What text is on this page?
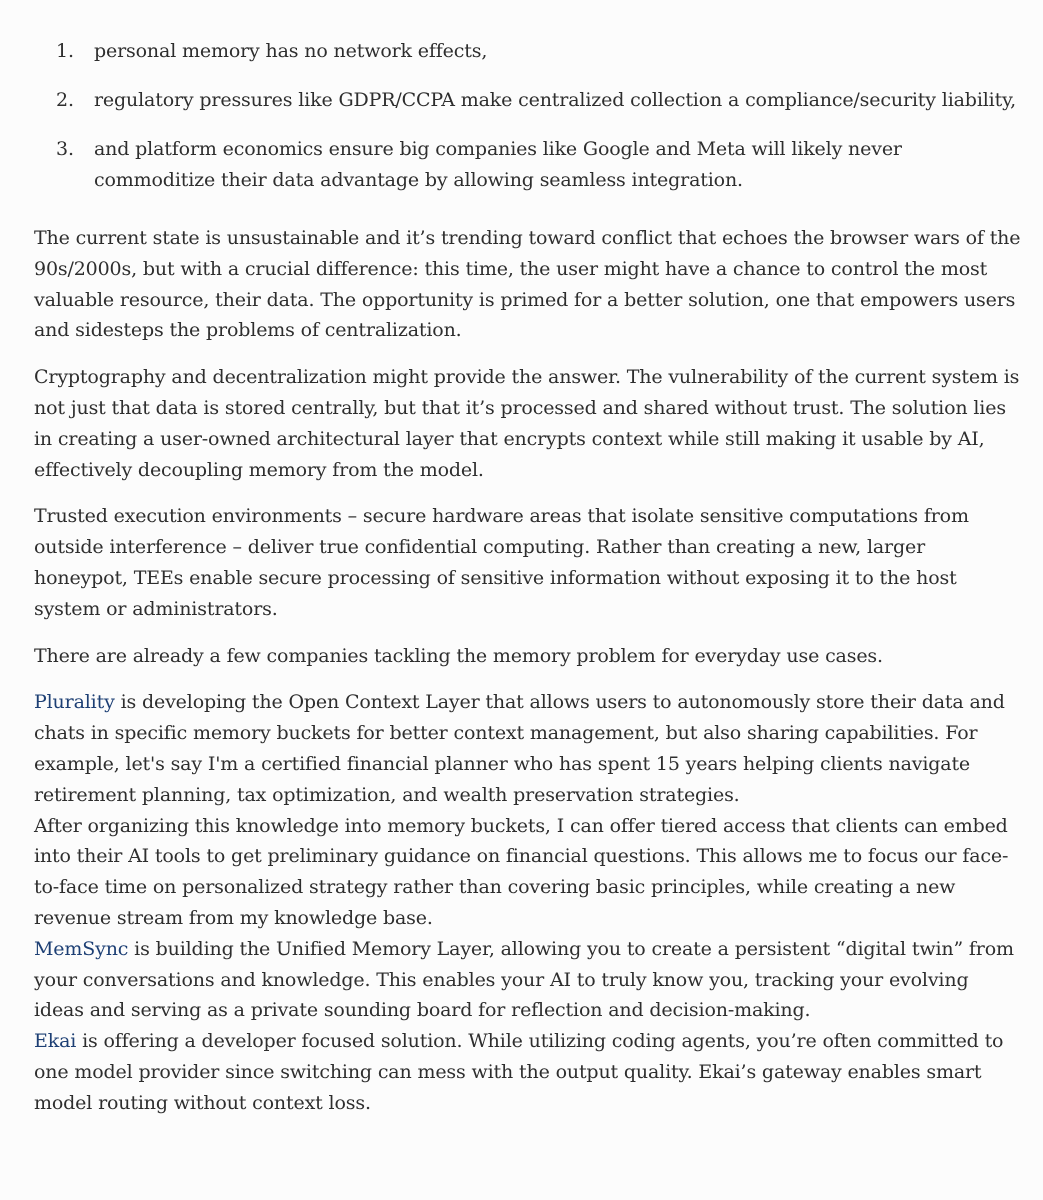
1. personal memory has no network effects,
2. regulatory pressures like GDPR/CCPA make centralized collection a compliance/security liability,
3. and platform economics ensure big companies like Google and Meta will likely never commoditize their data advantage by allowing seamless integration.

The current state is unsustainable and it’s trending toward conflict that echoes the browser wars of the 90s/2000s, but with a crucial difference: this time, the user might have a chance to control the most valuable resource, their data. The opportunity is primed for a better solution, one that empowers users and sidesteps the problems of centralization.

Cryptography and decentralization might provide the answer. The vulnerability of the current system is not just that data is stored centrally, but that it’s processed and shared without trust. The solution lies in creating a user-owned architectural layer that encrypts context while still making it usable by AI, effectively decoupling memory from the model.

Trusted execution environments – secure hardware areas that isolate sensitive computations from outside interference – deliver true confidential computing. Rather than creating a new, larger honeypot, TEEs enable secure processing of sensitive information without exposing it to the host system or administrators.

There are already a few companies tackling the memory problem for everyday use cases.

Plurality is developing the Open Context Layer that allows users to autonomously store their data and chats in specific memory buckets for better context management, but also sharing capabilities. For example, let's say I'm a certified financial planner who has spent 15 years helping clients navigate retirement planning, tax optimization, and wealth preservation strategies.

After organizing this knowledge into memory buckets, I can offer tiered access that clients can embed into their AI tools to get preliminary guidance on financial questions. This allows me to focus our face-to-face time on personalized strategy rather than covering basic principles, while creating a new revenue stream from my knowledge base.

MemSync is building the Unified Memory Layer, allowing you to create a persistent “digital twin” from your conversations and knowledge. This enables your AI to truly know you, tracking your evolving ideas and serving as a private sounding board for reflection and decision-making.

Ekai is offering a developer focused solution. While utilizing coding agents, you’re often committed to one model provider since switching can mess with the output quality. Ekai’s gateway enables smart model routing without context loss.
